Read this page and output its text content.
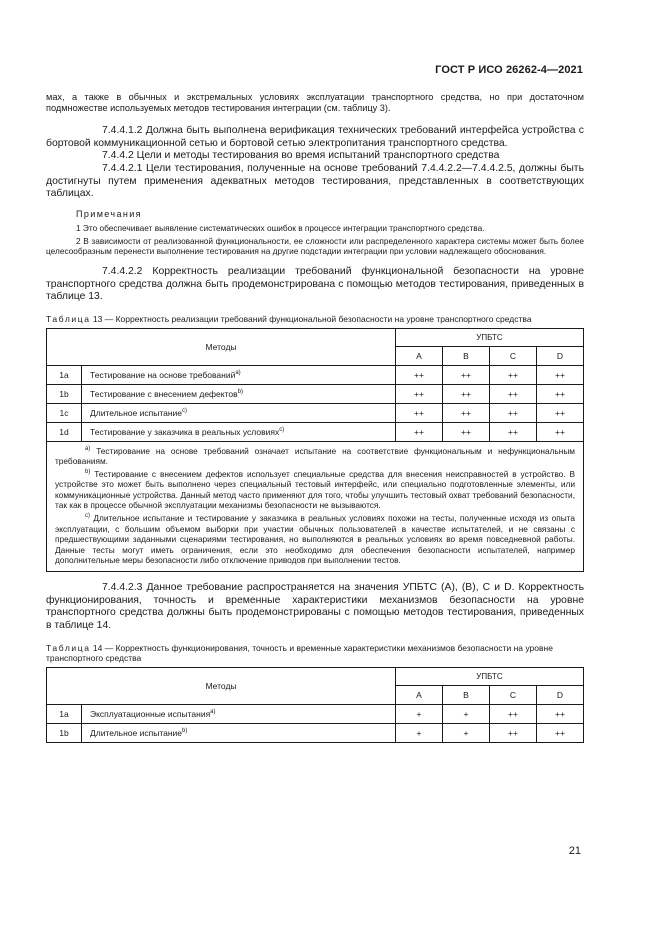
ГОСТ Р ИСО 26262-4—2021

мах, а также в обычных и экстремальных условиях эксплуатации транспортного средства, но при достаточном подмножестве используемых методов тестирования интеграции (см. таблицу 3).

7.4.4.1.2 Должна быть выполнена верификация технических требований интерфейса устройства с бортовой коммуникационной сетью и бортовой сетью электропитания транспортного средства.

7.4.4.2 Цели и методы тестирования во время испытаний транспортного средства

7.4.4.2.1 Цели тестирования, полученные на основе требований 7.4.4.2.2—7.4.4.2.5, должны быть достигнуты путем применения адекватных методов тестирования, представленных в соответствующих таблицах.

Примечания

1 Это обеспечивает выявление систематических ошибок в процессе интеграции транспортного средства.

2 В зависимости от реализованной функциональности, ее сложности или распределенного характера системы может быть более целесообразным перенести выполнение тестирования на другие подстадии интеграции при условии надлежащего обоснования.

7.4.4.2.2 Корректность реализации требований функциональной безопасности на уровне транспортного средства должна быть продемонстрирована с помощью методов тестирования, приведенных в таблице 13.

Таблица 13 — Корректность реализации требований функциональной безопасности на уровне транспортного средства

Методы		УПБТС			
		A	B	C	D
1a	Тестирование на основе требований$^{a)}$	++	++	++	++
1b	Тестирование с внесением дефектов$^{b)}$	++	++	++	++
1c	Длительное испытание$^{c)}$	++	++	++	++
1d	Тестирование у заказчика в реальных условиях$^{c)}$	++	++	++	++

$^{a)}$ Тестирование на основе требований означает испытание на соответствие функциональным и нефункциональным требованиям.

$^{b)}$ Тестирование с внесением дефектов использует специальные средства для внесения неисправностей в устройство. В устройстве это может быть выполнено через специальный тестовый интерфейс, или специально подготовленные элементы, или коммуникационные устройства. Данный метод часто применяют для того, чтобы улучшить тестовый охват требований безопасности, так как в процессе обычной эксплуатации механизмы безопасности не вызываются.

$^{c)}$ Длительное испытание и тестирование у заказчика в реальных условиях похожи на тесты, полученные исходя из опыта эксплуатации, с большим объемом выборки при участии обычных пользователей в качестве испытателей, и не связаны с предшествующими заданными сценариями тестирования, но выполняются в реальных условиях во время повседневной работы. Данные тесты могут иметь ограничения, если это необходимо для обеспечения безопасности испытателей, например дополнительные меры безопасности либо отключение приводов при выполнении тестов.					

7.4.4.2.3 Данное требование распространяется на значения УПБТС (А), (В), С и D. Корректность функционирования, точность и временные характеристики механизмов безопасности на уровне транспортного средства должны быть продемонстрированы с помощью методов тестирования, приведенных в таблице 14.

Таблица 14 — Корректность функционирования, точность и временные характеристики механизмов безопасности на уровне транспортного средства

Методы		УПБТС			
		A	B	C	D
1a	Эксплуатационные испытания$^{a)}$	+	+	++	++
1b	Длительное испытание$^{b)}$	+	+	++	++
21
